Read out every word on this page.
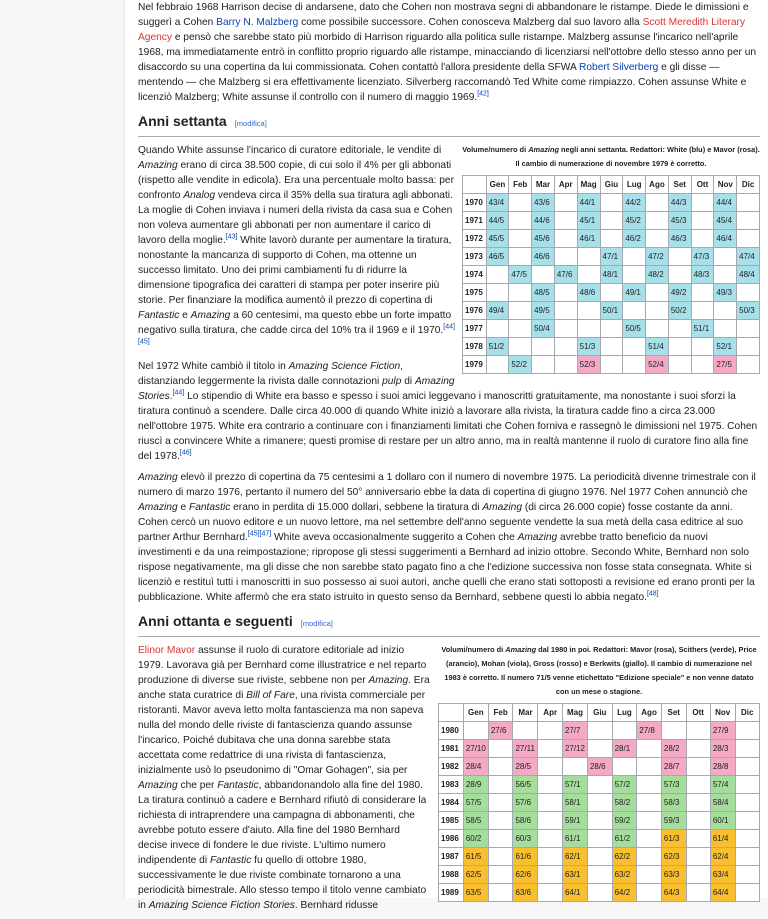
Nel febbraio 1968 Harrison decise di andarsene, dato che Cohen non mostrava segni di abbandonare le ristampe. Diede le dimissioni e suggerì a Cohen Barry N. Malzberg come possibile successore. Cohen conosceva Malzberg dal suo lavoro alla Scott Meredith Literary Agency e pensò che sarebbe stato più morbido di Harrison riguardo alla politica sulle ristampe. Malzberg assunse l'incarico nell'aprile 1968, ma immediatamente entrò in conflitto proprio riguardo alle ristampe, minacciando di licenziarsi nell'ottobre dello stesso anno per un disaccordo su una copertina da lui commissionata. Cohen contattò l'allora presidente della SFWA Robert Silverberg e gli disse — mentendo — che Malzberg si era effettivamente licenziato. Silverberg raccomandò Ted White come rimpiazzo. Cohen assunse White e licenziò Malzberg; White assunse il controllo con il numero di maggio 1969.[42]

Anni settanta [modifica]
Volume/numero di Amazing negli anni settanta. Redattori: White (blu) e Mavor (rosa). Il cambio di numerazione di novembre 1979 è corretto.
	Gen	Feb	Mar	Apr	Mag	Giu	Lug	Ago	Set	Ott	Nov	Dic
1970	43/4		43/6		44/1		44/2		44/3		44/4	
1971	44/5		44/6		45/1		45/2		45/3		45/4	
1972	45/5		45/6		46/1		46/2		46/3		46/4	
1973	46/5		46/6			47/1		47/2		47/3		47/4
1974		47/5		47/6		48/1		48/2		48/3		48/4
1975			48/5		48/6		49/1		49/2		49/3	
1976	49/4		49/5			50/1			50/2			50/3
1977			50/4				50/5			51/1		
1978	51/2				51/3			51/4			52/1	
1979		52/2			52/3			52/4			27/5	

Quando White assunse l'incarico di curatore editoriale, le vendite di Amazing erano di circa 38.500 copie, di cui solo il 4% per gli abbonati (rispetto alle vendite in edicola). Era una percentuale molto bassa: per confronto Analog vendeva circa il 35% della sua tiratura agli abbonati. La moglie di Cohen inviava i numeri della rivista da casa sua e Cohen non voleva aumentare gli abbonati per non aumentare il carico di lavoro della moglie.[43] White lavorò durante per aumentare la tiratura, nonostante la mancanza di supporto di Cohen, ma ottenne un successo limitato. Uno dei primi cambiamenti fu di ridurre la dimensione tipografica dei caratteri di stampa per poter inserire più storie. Per finanziare la modifica aumentò il prezzo di copertina di Fantastic e Amazing a 60 centesimi, ma questo ebbe un forte impatto negativo sulla tiratura, che cadde circa del 10% tra il 1969 e il 1970.[44][45]

Nel 1972 White cambiò il titolo in Amazing Science Fiction, distanziando leggermente la rivista dalle connotazioni pulp di Amazing Stories.[44] Lo stipendio di White era basso e spesso i suoi amici leggevano i manoscritti gratuitamente, ma nonostante i suoi sforzi la tiratura continuò a scendere. Dalle circa 40.000 di quando White iniziò a lavorare alla rivista, la tiratura cadde fino a circa 23.000 nell'ottobre 1975. White era contrario a continuare con i finanziamenti limitati che Cohen forniva e rassegnò le dimissioni nel 1975. Cohen riuscì a convincere White a rimanere; questi promise di restare per un altro anno, ma in realtà mantenne il ruolo di curatore fino alla fine del 1978.[46]

Amazing elevò il prezzo di copertina da 75 centesimi a 1 dollaro con il numero di novembre 1975. La periodicità divenne trimestrale con il numero di marzo 1976, pertanto il numero del 50° anniversario ebbe la data di copertina di giugno 1976. Nel 1977 Cohen annunciò che Amazing e Fantastic erano in perdita di 15.000 dollari, sebbene la tiratura di Amazing (di circa 26.000 copie) fosse costante da anni. Cohen cercò un nuovo editore e un nuovo lettore, ma nel settembre dell'anno seguente vendette la sua metà della casa editrice al suo partner Arthur Bernhard.[45][47] White aveva occasionalmente suggerito a Cohen che Amazing avrebbe tratto beneficio da nuovi investimenti e da una reimpostazione; ripropose gli stessi suggerimenti a Bernhard ad inizio ottobre. Secondo White, Bernhard non solo rispose negativamente, ma gli disse che non sarebbe stato pagato fino a che l'edizione successiva non fosse stata consegnata. White si licenziò e restituì tutti i manoscritti in suo possesso ai suoi autori, anche quelli che erano stati sottoposti a revisione ed erano pronti per la pubblicazione. White affermò che era stato istruito in questo senso da Bernhard, sebbene questi lo abbia negato.[48]

Anni ottanta e seguenti [modifica]
Volumi/numero di Amazing dal 1980 in poi. Redattori: Mavor (rosa), Scithers (verde), Price (arancio), Mohan (viola), Gross (rosso) e Berkwits (giallo). Il cambio di numerazione nel 1983 è corretto. Il numero 71/5 venne etichettato "Edizione speciale" e non venne datato con un mese o stagione.
	Gen	Feb	Mar	Apr	Mag	Giu	Lug	Ago	Set	Ott	Nov	Dic
1980		27/6			27/7			27/8			27/9	
1981	27/10		27/11		27/12		28/1		28/2		28/3	
1982	28/4		28/5			28/6			28/7		28/8	
1983	28/9		56/5		57/1		57/2		57/3		57/4	
1984	57/5		57/6		58/1		58/2		58/3		58/4	
1985	58/5		58/6		59/1		59/2		59/3		60/1	
1986	60/2		60/3		61/1		61/2		61/3		61/4	
1987	61/5		61/6		62/1		62/2		62/3		62/4	
1988	62/5		62/6		63/1		63/2		63/3		63/4	
1989	63/5		63/6		64/1		64/2		64/3		64/4	

Elinor Mavor assunse il ruolo di curatore editoriale ad inizio 1979. Lavorava già per Bernhard come illustratrice e nel reparto produzione di diverse sue riviste, sebbene non per Amazing. Era anche stata curatrice di Bill of Fare, una rivista commerciale per ristoranti. Mavor aveva letto molta fantascienza ma non sapeva nulla del mondo delle riviste di fantascienza quando assunse l'incarico. Poiché dubitava che una donna sarebbe stata accettata come redattrice di una rivista di fantascienza, inizialmente usò lo pseudonimo di "Omar Gohagen", sia per Amazing che per Fantastic, abbandonandolo alla fine del 1980. La tiratura continuò a cadere e Bernhard rifiutò di considerare la richiesta di intraprendere una campagna di abbonamenti, che avrebbe potuto essere d'aiuto. Alla fine del 1980 Bernhard decise invece di fondere le due riviste. L'ultimo numero indipendente di Fantastic fu quello di ottobre 1980, successivamente le due riviste combinate tornarono a una periodicità bimestrale. Allo stesso tempo il titolo venne cambiato in Amazing Science Fiction Stories. Bernhard ridusse
